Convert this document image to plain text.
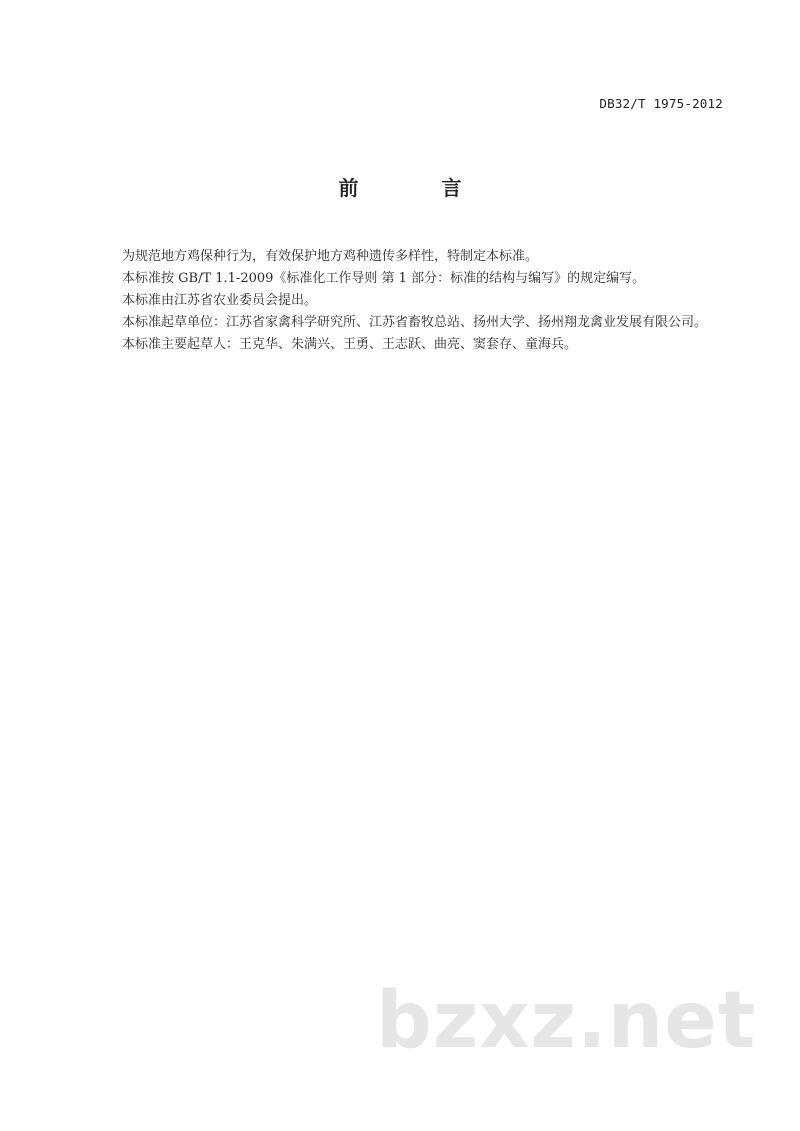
DB32/T 1975-2012
前 言

为规范地方鸡保种行为，有效保护地方鸡种遗传多样性，特制定本标准。

本标准按 GB/T 1.1-2009《标准化工作导则 第 1 部分：标准的结构与编写》的规定编写。

本标准由江苏省农业委员会提出。

本标准起草单位：江苏省家禽科学研究所、江苏省畜牧总站、扬州大学、扬州翔龙禽业发展有限公司。

本标准主要起草人：王克华、朱满兴、王勇、王志跃、曲亮、窦套存、童海兵。

bzxz.net
